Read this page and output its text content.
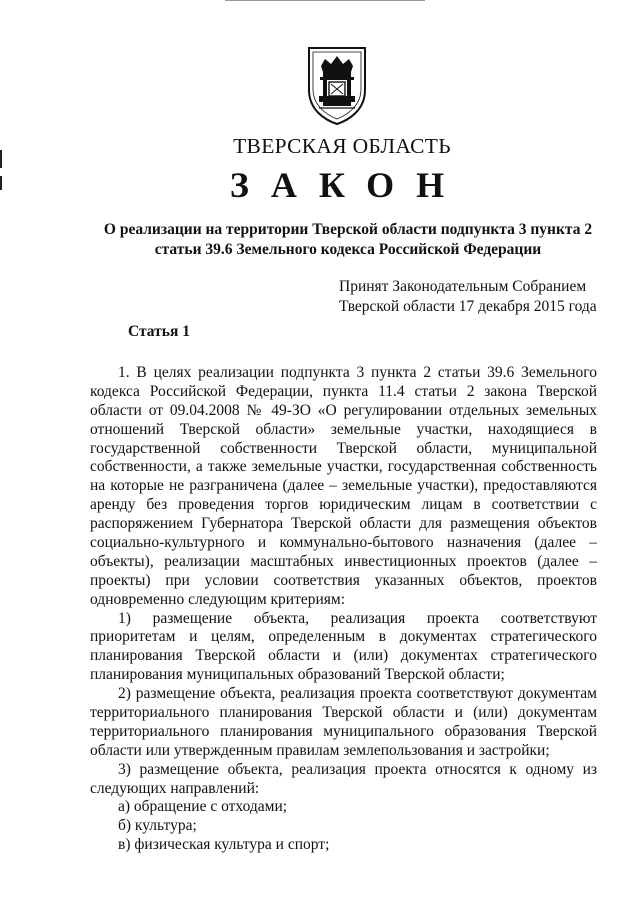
ТВЕРСКАЯ ОБЛАСТЬ
ЗАКОН
О реализации на территории Тверской области подпункта 3 пункта 2
статьи 39.6 Земельного кодекса Российской Федерации
Принят Законодательным Собранием
Тверской области 17 декабря 2015 года
Статья 1
1. В целях реализации подпункта 3 пункта 2 статьи 39.6 Земельного
кодекса Российской Федерации, пункта 11.4 статьи 2 закона Тверской
области от 09.04.2008 № 49-ЗО «О регулировании отдельных земельных
отношений Тверской области» земельные участки, находящиеся в
государственной собственности Тверской области, муниципальной
собственности, а также земельные участки, государственная собственность
на которые не разграничена (далее – земельные участки), предоставляются
аренду без проведения торгов юридическим лицам в соответствии с
распоряжением Губернатора Тверской области для размещения объектов
социально-культурного и коммунально-бытового назначения (далее –
объекты), реализации масштабных инвестиционных проектов (далее –
проекты) при условии соответствия указанных объектов, проектов
одновременно следующим критериям:
1) размещение объекта, реализация проекта соответствуют
приоритетам и целям, определенным в документах стратегического
планирования Тверской области и (или) документах стратегического
планирования муниципальных образований Тверской области;
2) размещение объекта, реализация проекта соответствуют документам
территориального планирования Тверской области и (или) документам
территориального планирования муниципального образования Тверской
области или утвержденным правилам землепользования и застройки;
3) размещение объекта, реализация проекта относятся к одному из
следующих направлений:
а) обращение с отходами;
б) культура;
в) физическая культура и спорт;
